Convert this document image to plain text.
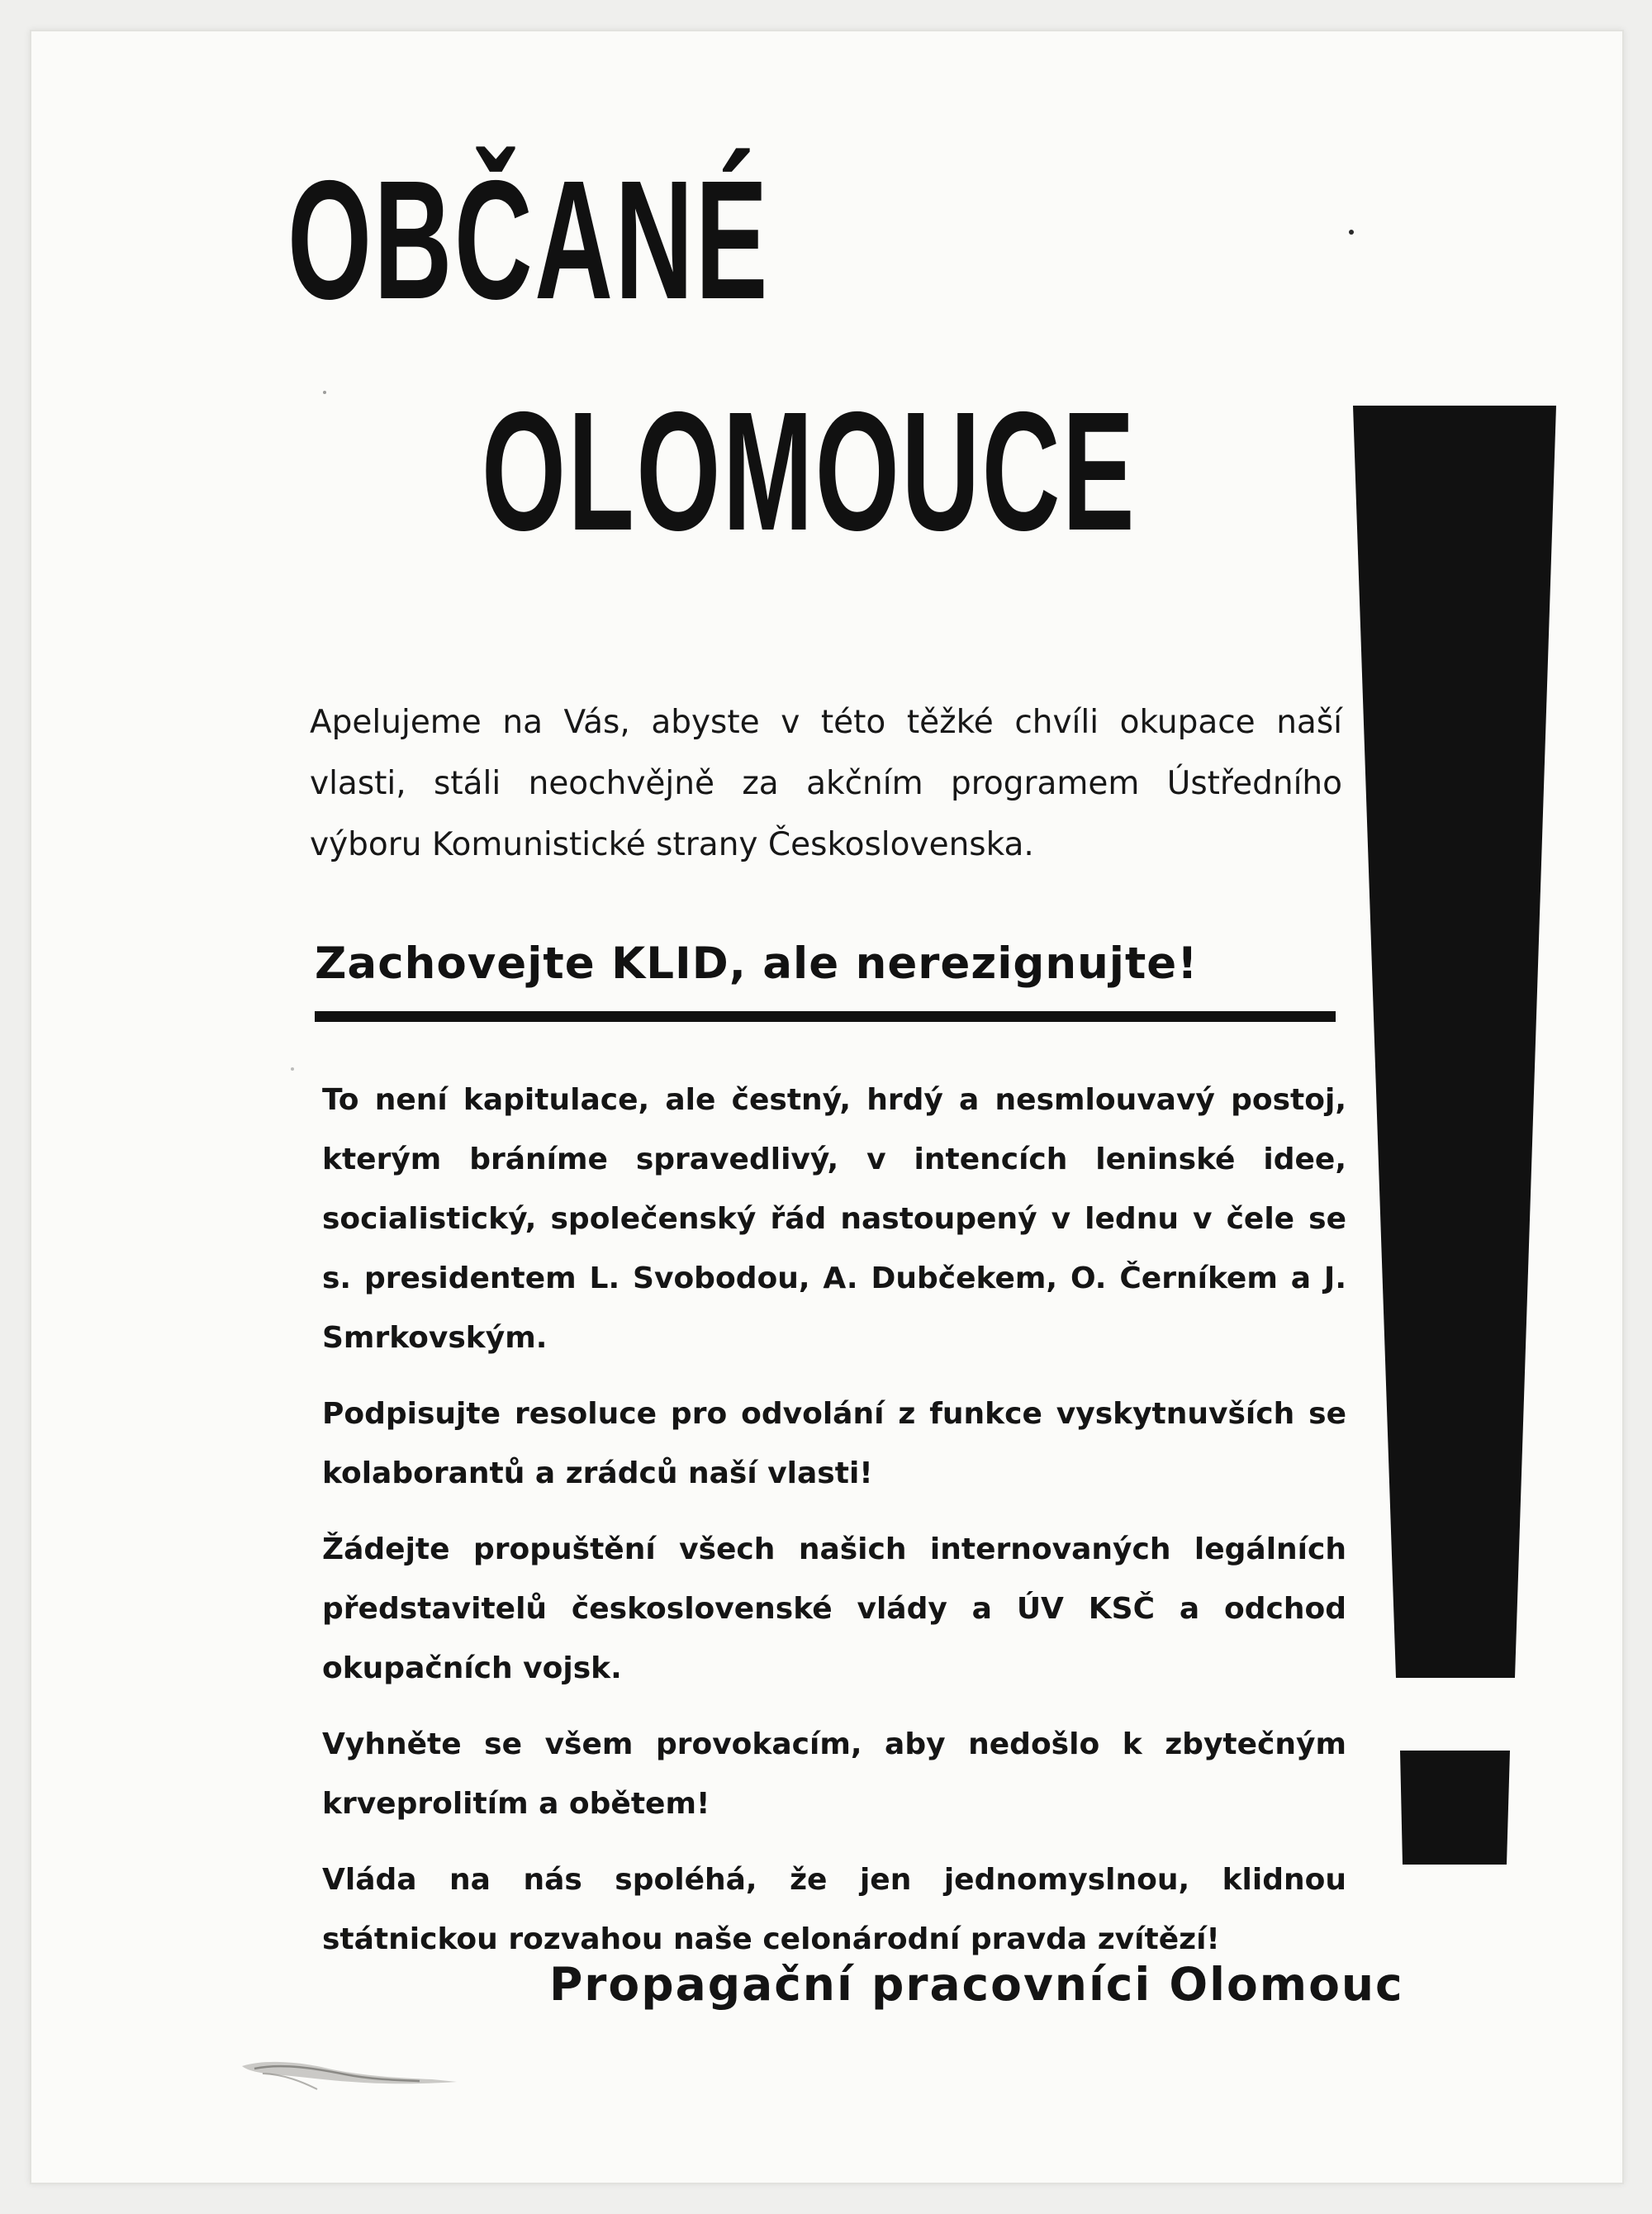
OBČANÉ
OLOMOUCE
Apelujeme na Vás, abyste v této těžké chvíli okupace naší vlasti, stáli neochvějně za akčním programem Ústředního výboru Komunistické strany Československa.
Zachovejte KLID, ale nerezignujte!

To není kapitulace, ale čestný, hrdý a nesmlouvavý postoj, kterým bráníme spravedlivý, v intencích leninské idee, socialistický, společenský řád nastoupený v lednu v čele se s. presidentem L. Svobodou, A. Dubčekem, O. Černíkem a J. Smrkovským.

Podpisujte resoluce pro odvolání z funkce vyskytnuvších se kolaborantů a zrádců naší vlasti!

Žádejte propuštění všech našich internovaných legálních představitelů československé vlády a ÚV KSČ a odchod okupačních vojsk.

Vyhněte se všem provokacím, aby nedošlo k zbytečným krveprolitím a obětem!

Vláda na nás spoléhá, že jen jednomyslnou, klidnou státnickou rozvahou naše celonárodní pravda zvítězí!

Propagační pracovníci Olomouc
